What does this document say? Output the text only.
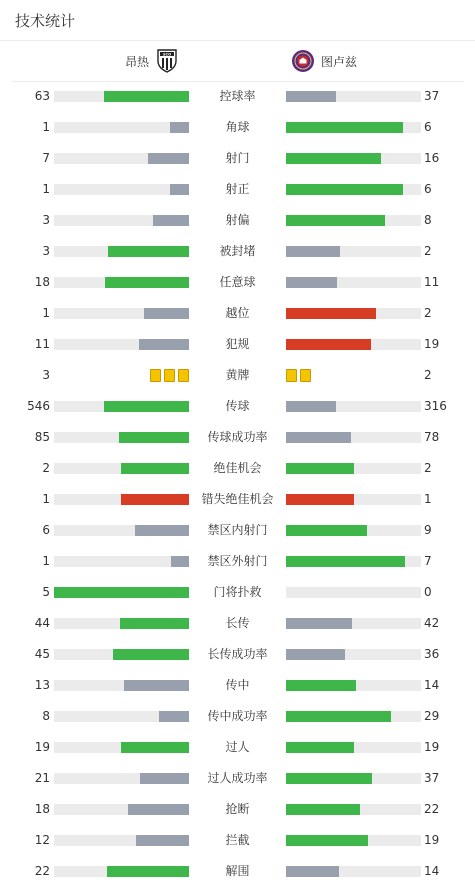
技术统计
昂热
SCO
图卢兹
63	控球率	37
1	角球	6
7	射门	16
1	射正	6
3	射偏	8
3	被封堵	2
18	任意球	11
1	越位	2
11	犯规	19
3	黄牌	2
546	传球	316
85	传球成功率	78
2	绝佳机会	2
1	错失绝佳机会	1
6	禁区内射门	9
1	禁区外射门	7
5	门将扑救	0
44	长传	42
45	长传成功率	36
13	传中	14
8	传中成功率	29
19	过人	19
21	过人成功率	37
18	抢断	22
12	拦截	19
22	解围	14
